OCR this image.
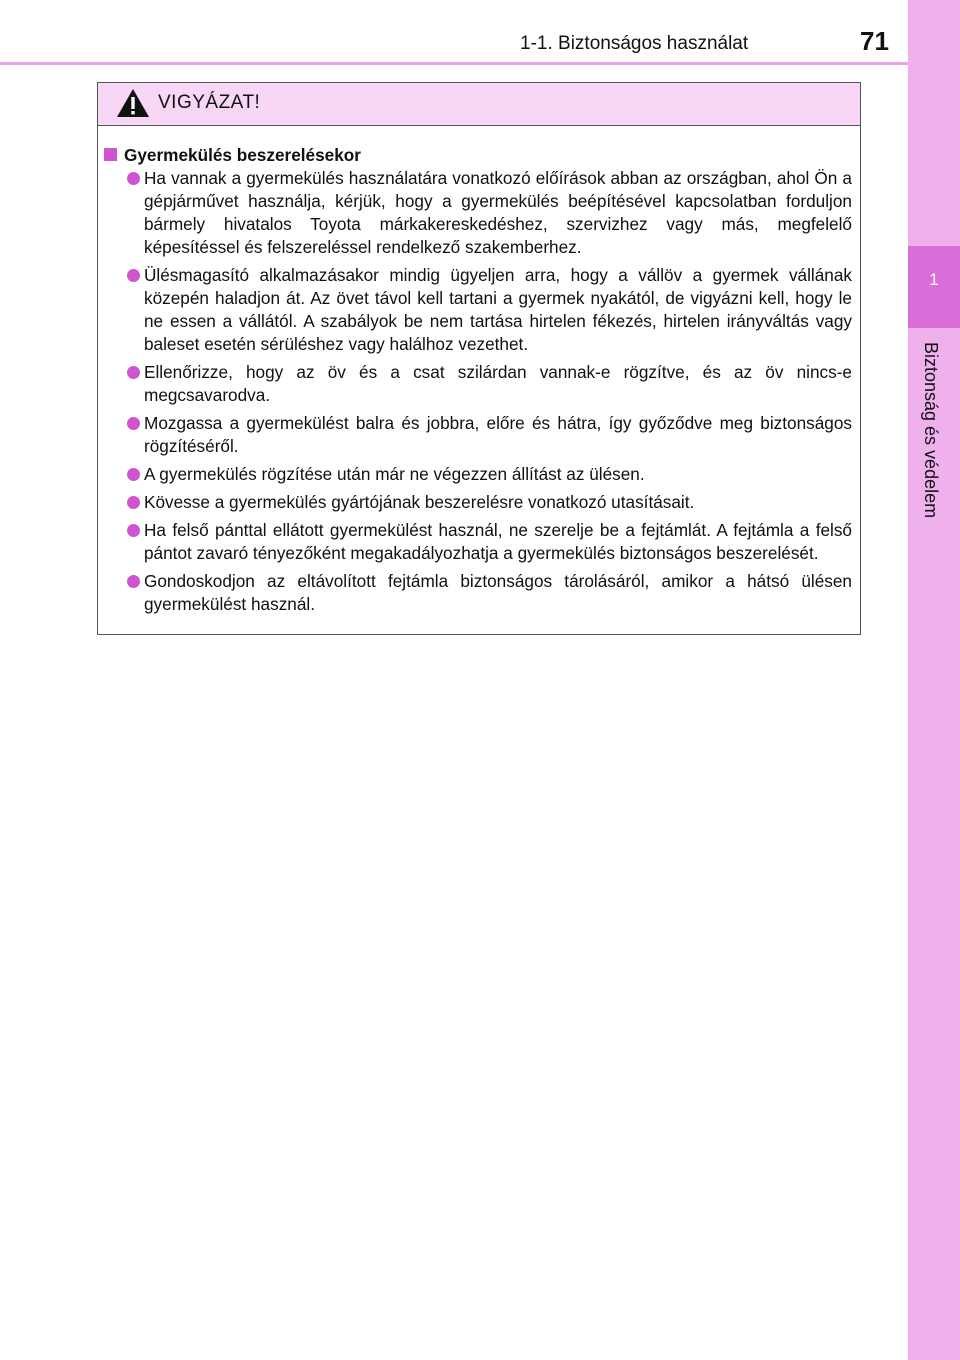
1-1. Biztonságos használat	71
1
Biztonság és védelem
VIGYÁZAT!
Gyermekülés beszerelésekor
Ha vannak a gyermekülés használatára vonatkozó előírások abban az országban, ahol Ön a gépjárművet használja, kérjük, hogy a gyermekülés beépítésével kapcsolatban forduljon bármely hivatalos Toyota márkakereskedéshez, szervizhez vagy más, megfelelő képesítéssel és felszereléssel rendelkező szakemberhez.
Ülésmagasító alkalmazásakor mindig ügyeljen arra, hogy a vállöv a gyermek vállának közepén haladjon át. Az övet távol kell tartani a gyermek nyakától, de vigyázni kell, hogy le ne essen a vállától. A szabályok be nem tartása hirtelen fékezés, hirtelen irányváltás vagy baleset esetén sérüléshez vagy halálhoz vezethet.
Ellenőrizze, hogy az öv és a csat szilárdan vannak-e rögzítve, és az öv nincs-e megcsavarodva.
Mozgassa a gyermekülést balra és jobbra, előre és hátra, így győződve meg biztonságos rögzítéséről.
A gyermekülés rögzítése után már ne végezzen állítást az ülésen.
Kövesse a gyermekülés gyártójának beszerelésre vonatkozó utasításait.
Ha felső pánttal ellátott gyermekülést használ, ne szerelje be a fejtámlát. A fejtámla a felső pántot zavaró tényezőként megakadályozhatja a gyermekülés biztonságos beszerelését.
Gondoskodjon az eltávolított fejtámla biztonságos tárolásáról, amikor a hátsó ülésen gyermekülést használ.
